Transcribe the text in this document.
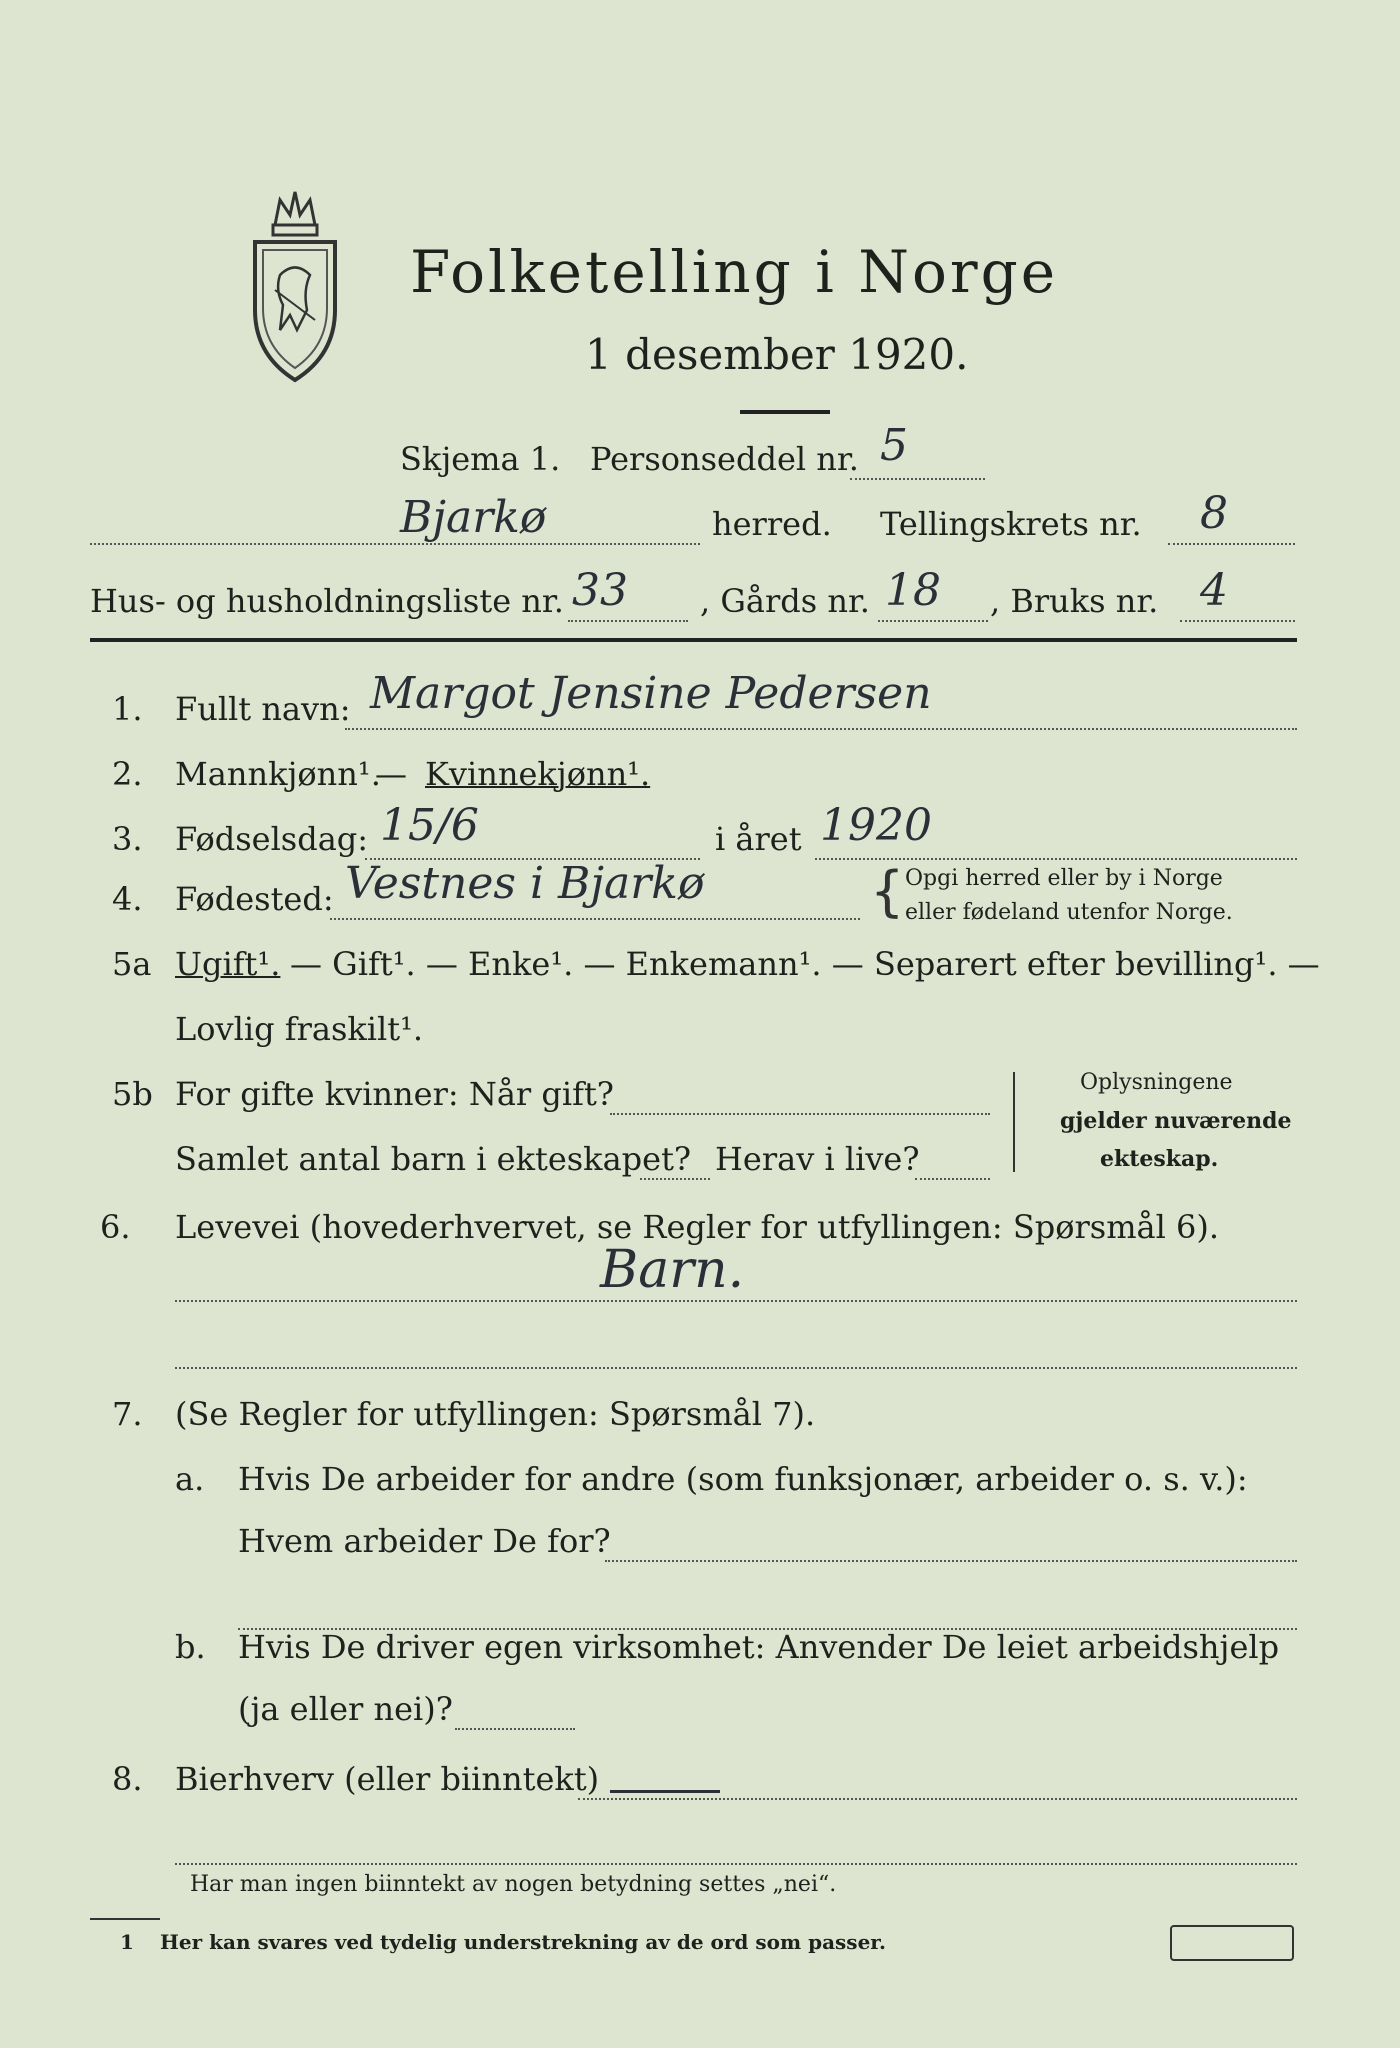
Folketelling i Norge
1 desember 1920.
Skjema 1. Personseddel nr. 5
Bjarkø	herred. Tellingskrets nr. 8
Hus- og husholdningsliste nr. 33 , Gårds nr. 18 , Bruks nr. 4
1. Fullt navn: Margot Jensine Pedersen
2. Mannkjønn¹.
— Kvinnekjønn¹.
3. Fødselsdag: 15/6	i året 1920
4. Fødested: Vestnes i Bjarkø	{ Opgi herred eller by i Norge
eller fødeland utenfor Norge.
5a Ugift¹. — Gift¹. — Enke¹. — Enkemann¹. — Separert efter bevilling¹. —
Lovlig fraskilt¹.
5b For gifte kvinner: Når gift?
Samlet antal barn i ekteskapet? Herav i live?
Oplysningene
gjelder nuværende
ekteskap.
6. Levevei (hovederhvervet, se Regler for utfyllingen: Spørsmål 6).
Barn.
7. (Se Regler for utfyllingen: Spørsmål 7).
a. Hvis De arbeider for andre (som funksjonær, arbeider o. s. v.):
Hvem arbeider De for?
b. Hvis De driver egen virksomhet: Anvender De leiet arbeidshjelp
(ja eller nei)?
8. Bierhverv (eller biinntekt)
Har man ingen biinntekt av nogen betydning settes „nei“.
1 Her kan svares ved tydelig understrekning av de ord som passer.
